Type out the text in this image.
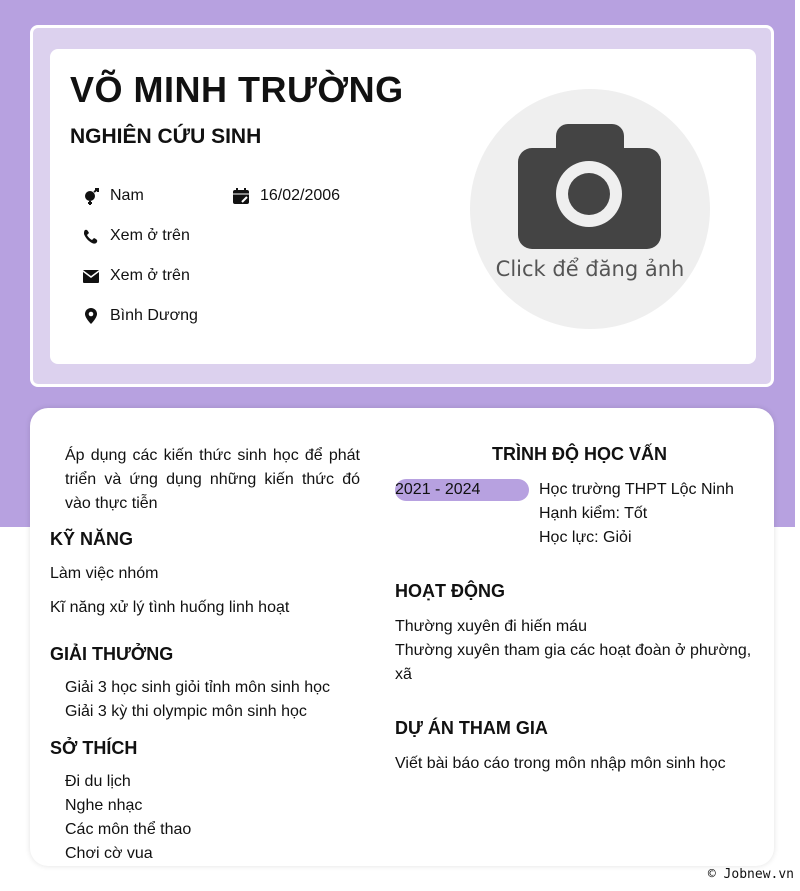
VÕ MINH TRƯỜNG
NGHIÊN CỨU SINH
Nam	16/02/2006
Xem ở trên
Xem ở trên
Bình Dương
Click để đăng ảnh
Áp dụng các kiến thức sinh học để phát triển và ứng dụng những kiến thức đó vào thực tiễn
KỸ NĂNG
Làm việc nhóm
Kĩ năng xử lý tình huống linh hoạt
GIẢI THƯỞNG
Giải 3 học sinh giỏi tỉnh môn sinh học
Giải 3 kỳ thi olympic môn sinh học
SỞ THÍCH
Đi du lịch
Nghe nhạc
Các môn thể thao
Chơi cờ vua
TRÌNH ĐỘ HỌC VẤN
2021 - 2024	Học trường THPT Lộc Ninh
Hạnh kiểm: Tốt
Học lực: Giỏi
HOẠT ĐỘNG
Thường xuyên đi hiến máu
Thường xuyên tham gia các hoạt đoàn ở phường, xã
DỰ ÁN THAM GIA
Viết bài báo cáo trong môn nhập môn sinh học
© Jobnew.vn
